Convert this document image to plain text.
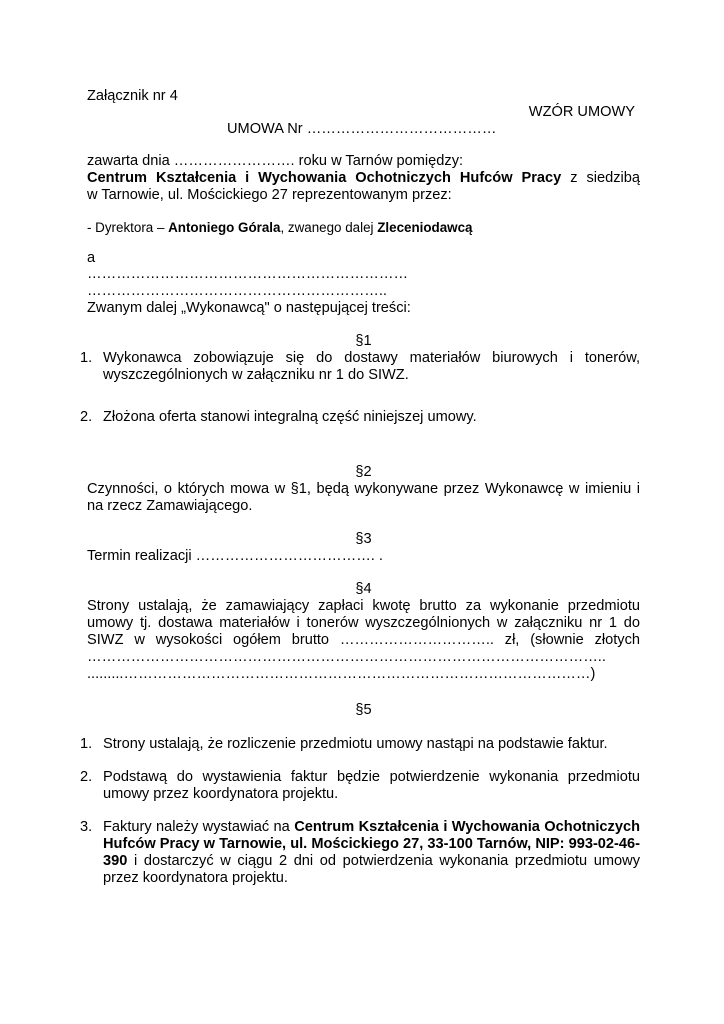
Załącznik nr 4
WZÓR UMOWY
UMOWA Nr …………………………………
zawarta dnia ……………………. roku w Tarnów pomiędzy:
Centrum Kształcenia i Wychowania Ochotniczych Hufców Pracy z siedzibą
w Tarnowie, ul. Mościckiego 27 reprezentowanym przez:
- Dyrektora – Antoniego Górala, zwanego dalej Zleceniodawcą
a
…………………………………………………………
……………………………………………………..
Zwanym dalej „Wykonawcą" o następującej treści:
§1
1. Wykonawca zobowiązuje się do dostawy materiałów biurowych i tonerów, wyszczególnionych w załączniku nr 1 do SIWZ.
2. Złożona oferta stanowi integralną część niniejszej umowy.
§2
Czynności, o których mowa w §1, będą wykonywane przez Wykonawcę w imieniu i na rzecz Zamawiającego.
§3
Termin realizacji ………………………………. .
§4
Strony ustalają, że zamawiający zapłaci kwotę brutto za wykonanie przedmiotu umowy tj. dostawa materiałów i tonerów wyszczególnionych w załączniku nr 1 do SIWZ w wysokości ogółem brutto ………………………….. zł, (słownie złotych
……………………………………………………………………………………………..
.........……………………………………………………………………………………)
§5
1. Strony ustalają, że rozliczenie przedmiotu umowy nastąpi na podstawie faktur.
2. Podstawą do wystawienia faktur będzie potwierdzenie wykonania przedmiotu umowy przez koordynatora projektu.
3. Faktury należy wystawiać na Centrum Kształcenia i Wychowania Ochotniczych Hufców Pracy w Tarnowie, ul. Mościckiego 27, 33-100 Tarnów, NIP: 993-02-46-390 i dostarczyć w ciągu 2 dni od potwierdzenia wykonania przedmiotu umowy przez koordynatora projektu.
